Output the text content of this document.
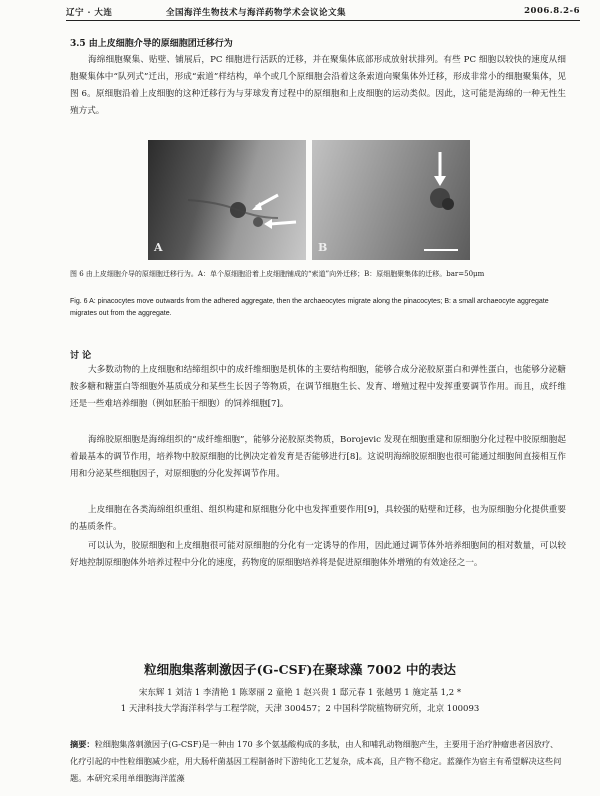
辽宁 · 大连	全国海洋生物技术与海洋药物学术会议论文集	2006.8.2-6
3.5 由上皮细胞介导的原细胞团迁移行为

海绵细胞聚集、贴壁、铺展后，PC 细胞进行活跃的迁移，并在聚集体底部形成放射状排列。有些 PC 细胞以较快的速度从细胞聚集体中“队列式”迁出，形成“索道”样结构，单个或几个原细胞会沿着这条索道向聚集体外迁移，形成非常小的细胞聚集体，见图 6。原细胞沿着上皮细胞的这种迁移行为与芽球发育过程中的原细胞和上皮细胞的运动类似。因此，这可能是海绵的一种无性生殖方式。

A	B

图 6 由上皮细胞介导的原细胞迁移行为。A：单个原细胞沿着上皮细胞铺成的“索道”向外迁移；B：原细胞聚集体的迁移。bar=50μm

Fig. 6 A: pinacocytes move outwards from the adhered aggregate, then the archaeocytes migrate along the pinacocytes; B: a small archaeocyte aggregate migrates out from the aggregate.

讨 论

大多数动物的上皮细胞和结缔组织中的成纤维细胞是机体的主要结构细胞，能够合成分泌胶原蛋白和弹性蛋白，也能够分泌糖胺多糖和糖蛋白等细胞外基质成分和某些生长因子等物质，在调节细胞生长、发育、增殖过程中发挥重要调节作用。而且，成纤维还是一些难培养细胞（例如胚胎干细胞）的饲养细胞[7]。

海绵胶原细胞是海绵组织的“成纤维细胞”，能够分泌胶原类物质，Borojevic 发现在细胞重建和原细胞分化过程中胶原细胞起着最基本的调节作用，培养物中胶原细胞的比例决定着发育是否能够进行[8]。这说明海绵胶原细胞也很可能通过细胞间直接相互作用和分泌某些细胞因子，对原细胞的分化发挥调节作用。

上皮细胞在各类海绵组织重组、组织构建和原细胞分化中也发挥重要作用[9]，具较强的贴壁和迁移，也为原细胞分化提供重要的基质条件。

可以认为，胶原细胞和上皮细胞很可能对原细胞的分化有一定诱导的作用，因此通过调节体外培养细胞间的相对数量，可以较好地控制原细胞体外培养过程中分化的速度，药物度的原细胞培养将是促进原细胞体外增殖的有效途径之一。

粒细胞集落刺激因子(G-CSF)在聚球藻 7002 中的表达
宋东辉 1 刘洁 1 李清艳 1 陈翠丽 2 童艳 1 赵兴贵 1 邸元春 1 张越男 1 施定基 1,2 *
1 天津科技大学海洋科学与工程学院，天津 300457；2 中国科学院植物研究所，北京 100093

摘要：粒细胞集落刺激因子(G-CSF)是一种由 170 多个氨基酸构成的多肽，由人和哺乳动物细胞产生，主要用于治疗肿瘤患者因放疗、化疗引起的中性粒细胞减少症，用大肠杆菌基因工程制备时下游纯化工艺复杂，成本高，且产物不稳定。蓝藻作为宿主有希望解决这些问题。本研究采用单细胞海洋蓝藻
